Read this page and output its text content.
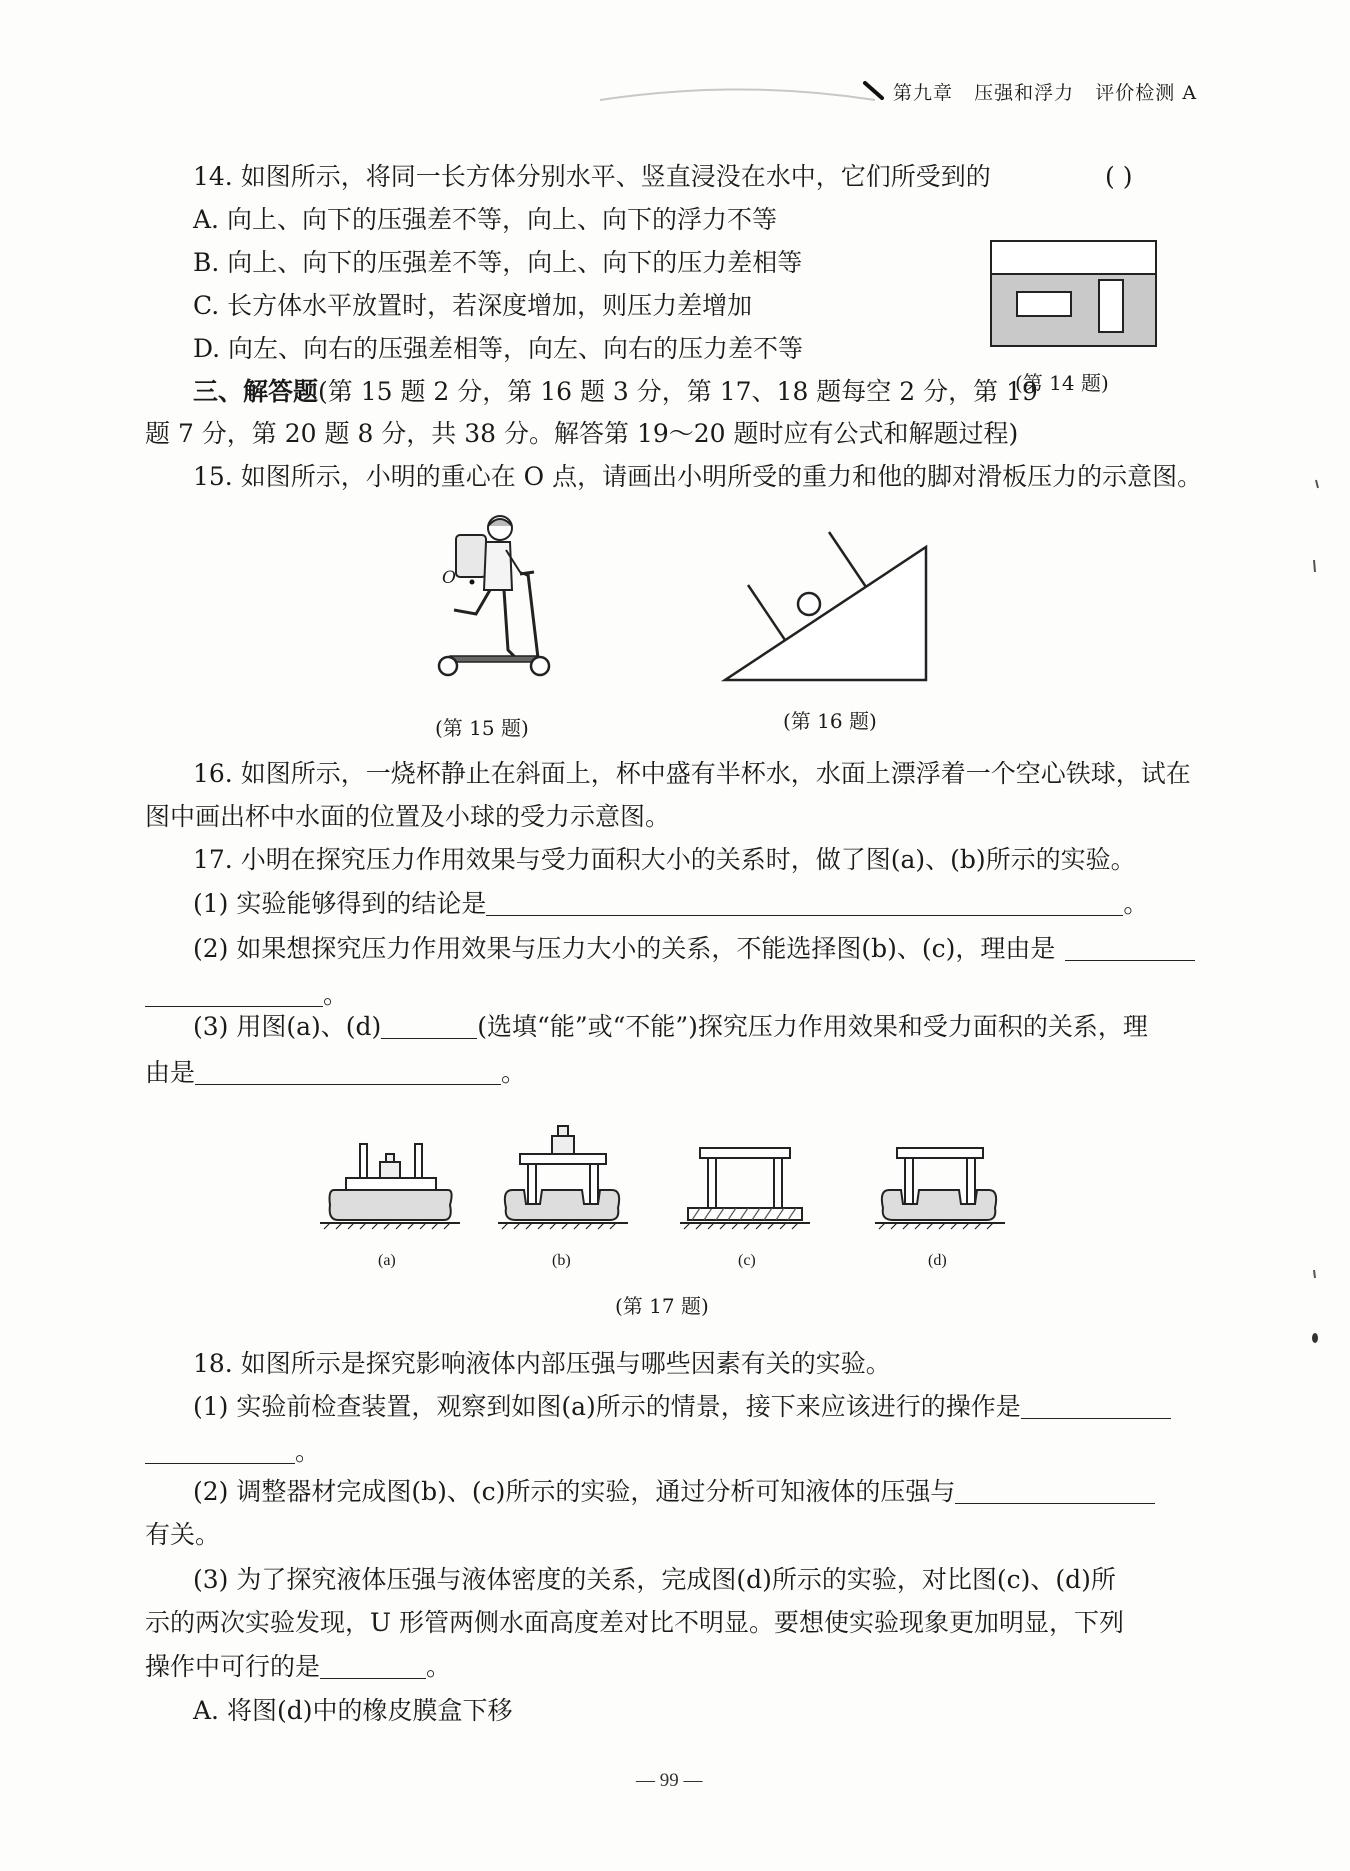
第九章 压强和浮力 评价检测 A
14. 如图所示，将同一长方体分别水平、竖直浸没在水中，它们所受到的	( )
A. 向上、向下的压强差不等，向上、向下的浮力不等
B. 向上、向下的压强差不等，向上、向下的压力差相等
C. 长方体水平放置时，若深度增加，则压力差增加
D. 向左、向右的压强差相等，向左、向右的压力差不等
(第 14 题)
三、解答题(第 15 题 2 分，第 16 题 3 分，第 17、18 题每空 2 分，第 19
题 7 分，第 20 题 8 分，共 38 分。解答第 19～20 题时应有公式和解题过程)
15. 如图所示，小明的重心在 O 点，请画出小明所受的重力和他的脚对滑板压力的示意图。
O
(第 15 题)	(第 16 题)
16. 如图所示，一烧杯静止在斜面上，杯中盛有半杯水，水面上漂浮着一个空心铁球，试在
图中画出杯中水面的位置及小球的受力示意图。
17. 小明在探究压力作用效果与受力面积大小的关系时，做了图(a)、(b)所示的实验。
(1) 实验能够得到的结论是	。
(2) 如果想探究压力作用效果与压力大小的关系，不能选择图(b)、(c)，理由是
。
(3) 用图(a)、(d)	(选填“能”或“不能”)探究压力作用效果和受力面积的关系，理
由是	。
(a)	(b)	(c)	(d)
(第 17 题)
18. 如图所示是探究影响液体内部压强与哪些因素有关的实验。
(1) 实验前检查装置，观察到如图(a)所示的情景，接下来应该进行的操作是
。
(2) 调整器材完成图(b)、(c)所示的实验，通过分析可知液体的压强与
有关。
(3) 为了探究液体压强与液体密度的关系，完成图(d)所示的实验，对比图(c)、(d)所
示的两次实验发现，U 形管两侧水面高度差对比不明显。要想使实验现象更加明显，下列
操作中可行的是	。
A. 将图(d)中的橡皮膜盒下移
— 99 —
